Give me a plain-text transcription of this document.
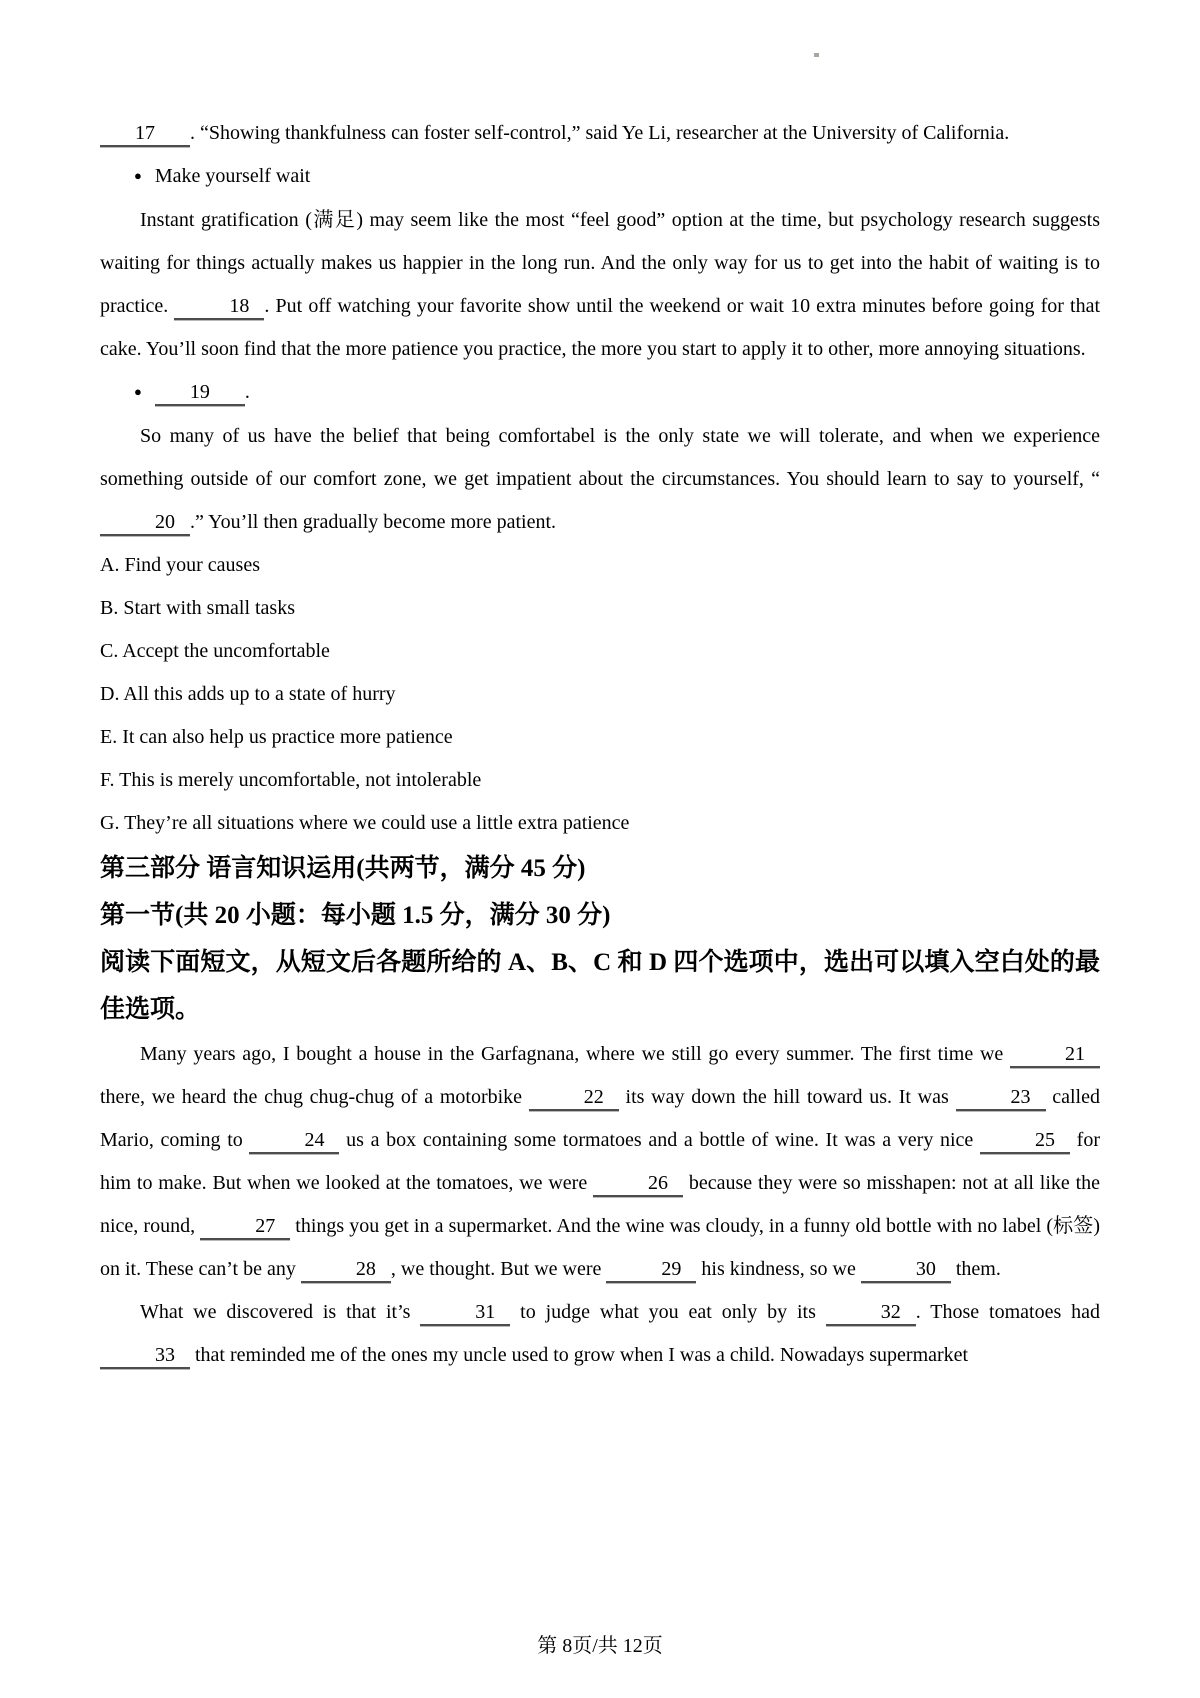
17 . “Showing thankfulness can foster self-control,” said Ye Li, researcher at the University of California.
● Make yourself wait
Instant gratification (满足) may seem like the most “feel good” option at the time, but psychology research suggests waiting for things actually makes us happier in the long run. And the only way for us to get into the habit of waiting is to practice.	18 . Put off watching your favorite show until the weekend or wait 10 extra minutes before going for that cake. You’ll soon find that the more patience you practice, the more you start to apply it to other, more annoying situations.
● 19 .
So many of us have the belief that being comfortabel is the only state we will tolerate, and when we experience something outside of our comfort zone, we get impatient about the circumstances. You should learn to say to yourself, “20 .” You’ll then gradually become more patient.
A. Find your causes
B. Start with small tasks
C. Accept the uncomfortable
D. All this adds up to a state of hurry
E. It can also help us practice more patience
F. This is merely uncomfortable, not intolerable
G. They’re all situations where we could use a little extra patience
第三部分 语言知识运用(共两节，满分 45 分)
第一节(共 20 小题：每小题 1.5 分，满分 30 分)
阅读下面短文，从短文后各题所给的 A、B、C 和 D 四个选项中，选出可以填入空白处的最佳选项。
Many years ago, I bought a house in the Garfagnana, where we still go every summer. The first time we	21 there, we heard the chug chug-chug of a motorbike	22 its way down the hill toward us. It was	23 called Mario, coming to	24 us a box containing some tormatoes and a bottle of wine. It was a very nice	25 for him to make. But when we looked at the tomatoes, we were	26 because they were so misshapen: not at all like the nice, round,	27 things you get in a supermarket. And the wine was cloudy, in a funny old bottle with no label (标签) on it. These can’t be any	28 , we thought. But we were	29 his kindness, so we	30 them.
What we discovered is that it’s	31 to judge what you eat only by its	32 . Those tomatoes had 33 that reminded me of the ones my uncle used to grow when I was a child. Nowadays supermarket
第 8页/共 12页
